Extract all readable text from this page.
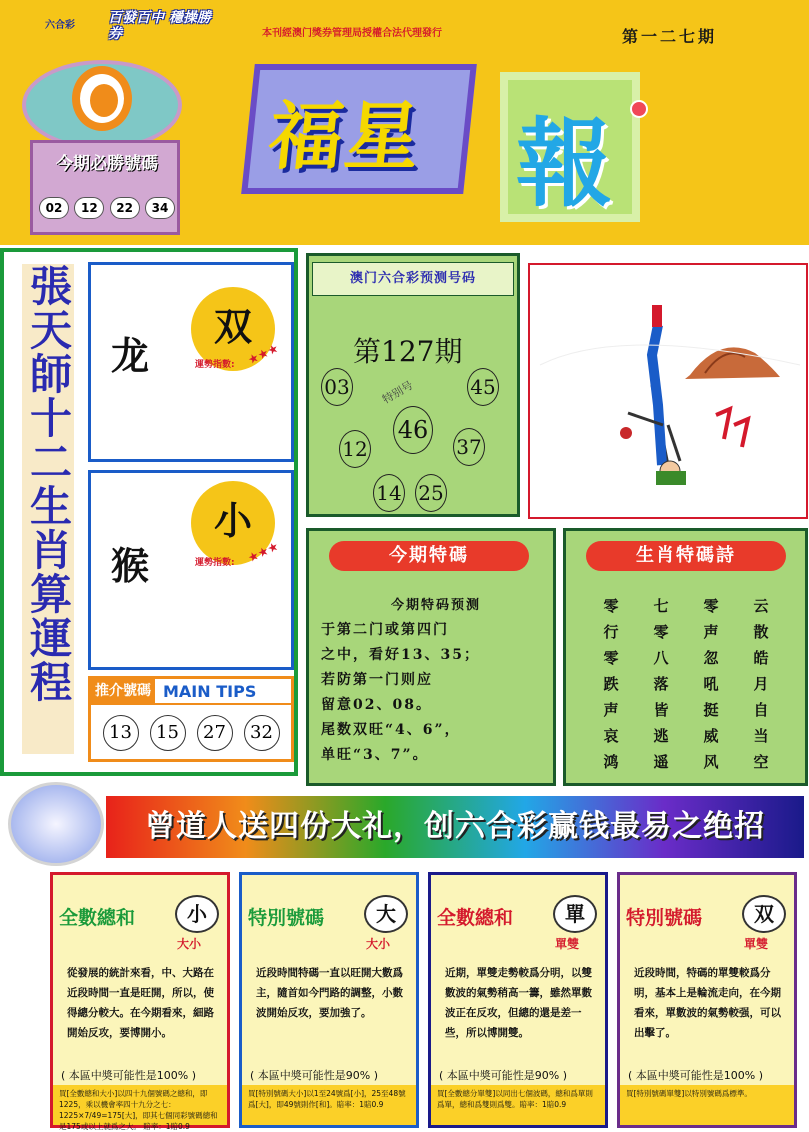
六合彩	百發百中 穩操勝券	本刊經澳门獎券管理局授權合法代理發行	第一二七期
今期必勝號碼
02	12	22	34
福星 報
張天師十二生肖算運程 龙
双
運勢指數: ★★★
猴
小
運勢指數: ★★★
推介號碼 MAIN TIPS
13	15	27	32
澳门六合彩预测号码
第127期
03	45
特别号
46
12	37
14 25
今期特碼

今期特码预测

于第二门或第四门

之中，看好13、35；

若防第一门则应

留意02、08。

尾数双旺“4、6”，

单旺“3、7”。

生肖特碼詩
零	七	零	云
行	零	声	散
零	八	忽	皓
跌	落	吼	月
声	皆	挺	自
哀	逃	威	当
鸿	遥	风	空
曾道人送四份大礼，创六合彩赢钱最易之绝招
全數總和	小
大小
從發展的統計來看，中、大路在近段時間一直是旺開，所以，使得總分較大。在今期看來，細路開始反攻，要博開小。
( 本區中奬可能性是100% )
買[全數總和大小]以四十九個號碼之總和，即1225，乘以機會率四十九分之七：1225×7/49=175[大]，即其七個同彩號碼總和是175或以上就爲之大。 賠率：1賠0.9
特別號碼	大
大小
近段時間特碼一直以旺開大數爲主，隨首如今門路的調整，小數波開始反攻，要加強了。
( 本區中奬可能性是90% )
買[特別號碼大小]以1至24號爲[小]，25至48號爲[大]，即49號則作[和]。賠率：1賠0.9
全數總和	單
單雙
近期，單雙走勢較爲分明，以雙數波的氣勢稍高一籌，雖然單數波正在反攻，但總的還是差一些，所以博開雙。
( 本區中奬可能性是90% )
買[全數總分單雙]以同出七個波碼，總和爲單則爲單，總和爲雙則爲雙。賠率：1賠0.9
特別號碼	双
單雙
近段時間，特碼的單雙較爲分明，基本上是輪流走向，在今期看來，單數波的氣勢較强，可以出擊了。
( 本區中奬可能性是100% )
買[特別號碼單雙]以特別號碼爲標準。
